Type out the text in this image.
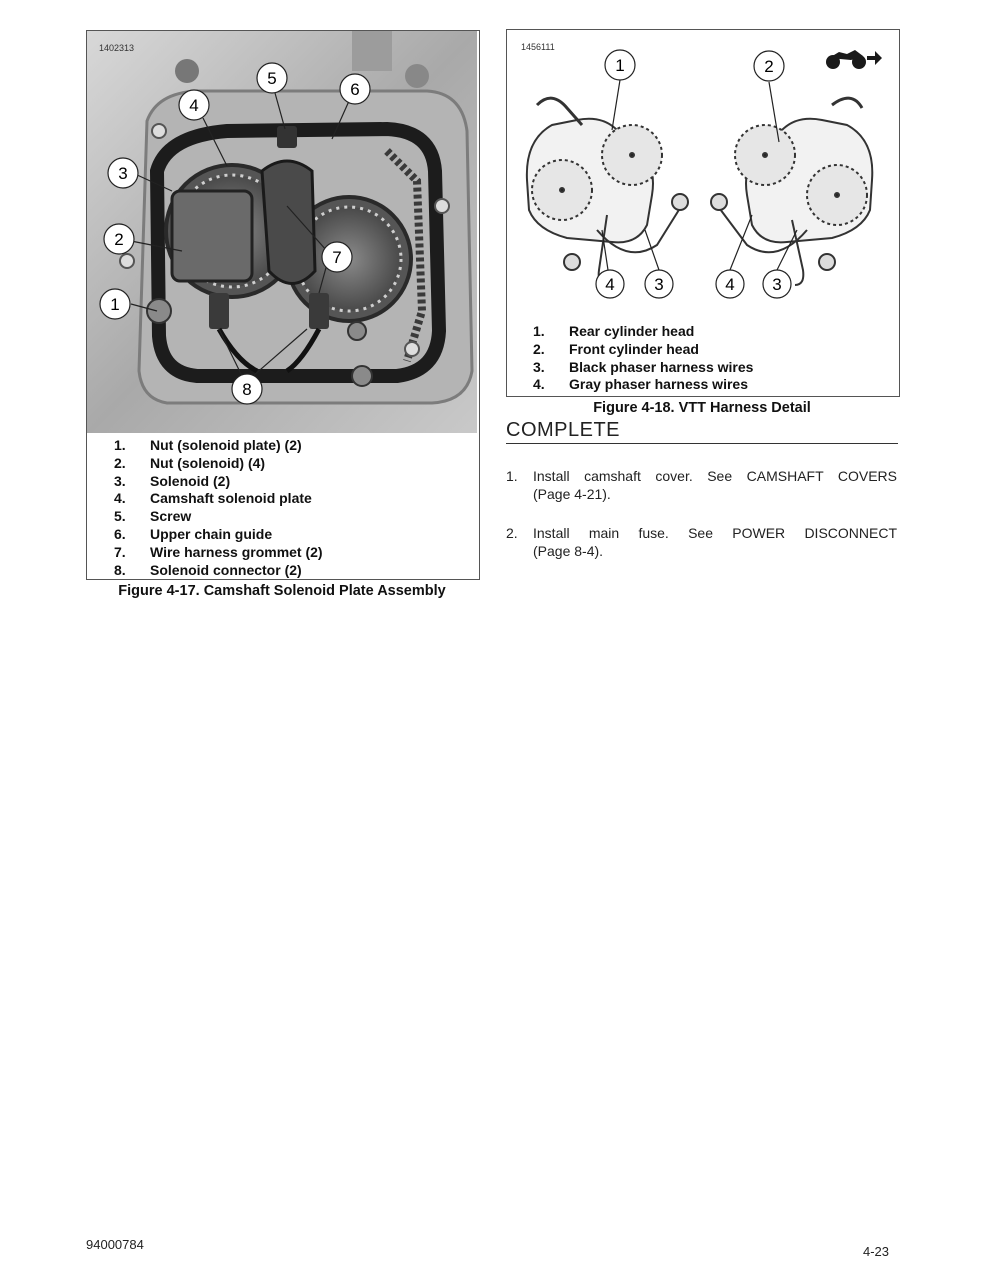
1402313
1
2
3
4
5
6
7
8
1.	Nut (solenoid plate) (2)
2.	Nut (solenoid) (4)
3.	Solenoid (2)
4.	Camshaft solenoid plate
5.	Screw
6.	Upper chain guide
7.	Wire harness grommet (2)
8.	Solenoid connector (2)
Figure 4-17. Camshaft Solenoid Plate Assembly
1456111
1	2
4 3	4 3
1.	Rear cylinder head
2.	Front cylinder head
3.	Black phaser harness wires
4.	Gray phaser harness wires
Figure 4-18. VTT Harness Detail
COMPLETE
1. Install camshaft cover. See CAMSHAFT COVERS
(Page 4-21).
2. Install main fuse. See POWER DISCONNECT
(Page 8-4).
94000784	4-23
